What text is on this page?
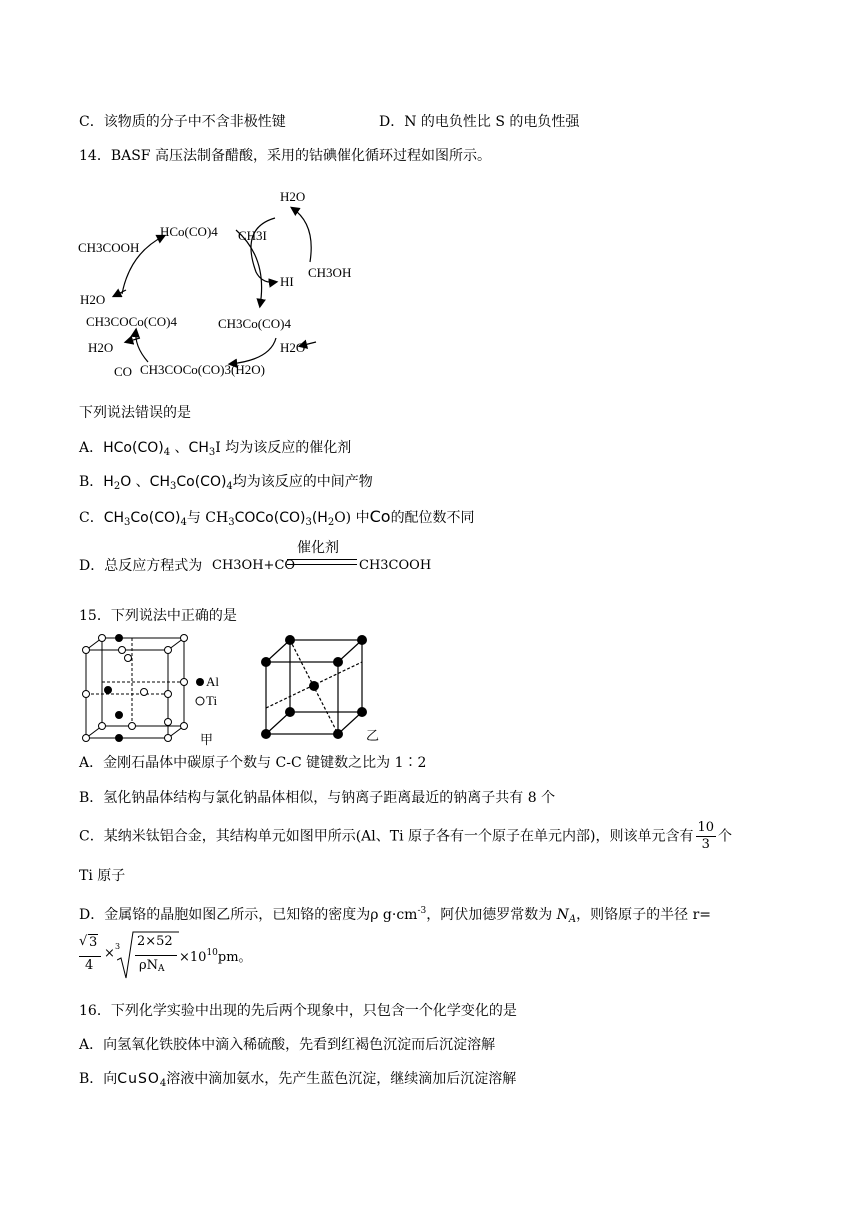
C．该物质的分子中不含非极性键	D．N 的电负性比 S 的电负性强
14．BASF 高压法制备醋酸，采用的钴碘催化循环过程如图所示。
H2O
CH3COOH
HCo(CO)4 CH3I
HI
CH3OH
H2O
CH3COCo(CO)4	CH3Co(CO)4
H2O	H2O
CO CH3COCo(CO)3(H2O)
下列说法错误的是
A．$HCo(CO)_4$ 、$CH_3I$ 均为该反应的催化剂
B．$H_2O$ 、$CH_3Co(CO)_4$均为该反应的中间产物
C．$CH_3Co(CO)_4$与 $CH_3COCo(CO)_3(H_2O)$ 中Co的配位数不同
D．总反应方程式为 CH3OH+CO
催化剂
CH3COOH
15．下列说法中正确的是
Al
Ti
甲	乙
A．金刚石晶体中碳原子个数与 C-C 键键数之比为 1∶2
B．氢化钠晶体结构与氯化钠晶体相似，与钠离子距离最近的钠离子共有 8 个
C．某纳米钛铝合金，其结构单元如图甲所示(Al、Ti 原子各有一个原子在单元内部)，则该单元含有 $\frac{10}{3}$ 个
Ti 原子
D．金属铬的晶胞如图乙所示，已知铬的密度为ρ $g\cdot cm^{-3}$，阿伏加德罗常数为 $N_A$，则铬原子的半径 r=
√ 3
4
× 3 2×52
ρNA
$\times 10^{10}pm$。
16．下列化学实验中出现的先后两个现象中，只包含一个化学变化的是
A．向氢氧化铁胶体中滴入稀硫酸，先看到红褐色沉淀而后沉淀溶解
B．向CuSO$_4$溶液中滴加氨水，先产生蓝色沉淀，继续滴加后沉淀溶解
